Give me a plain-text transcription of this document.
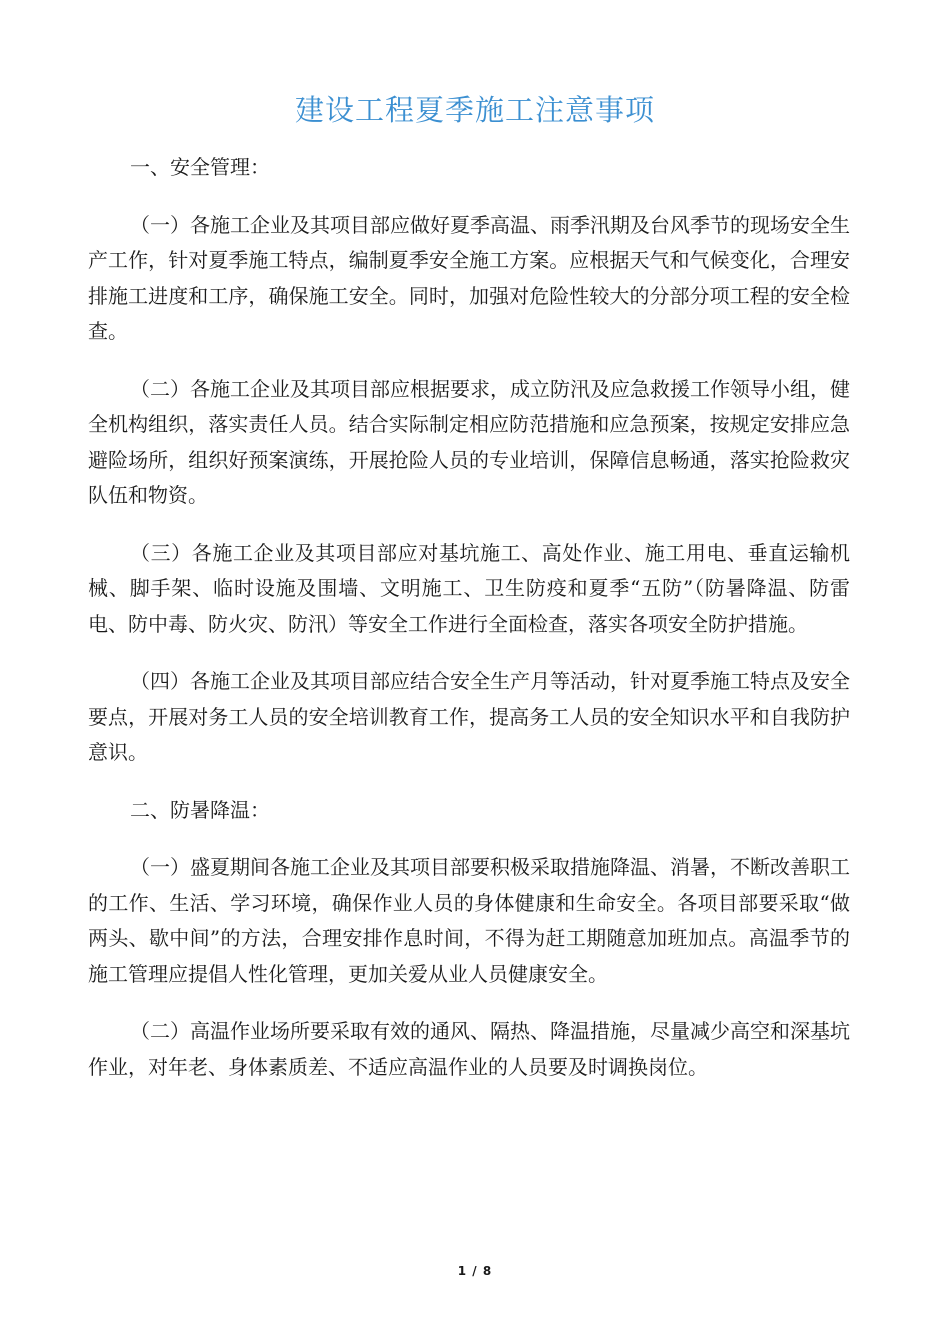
建设工程夏季施工注意事项

一、安全管理：

（一）各施工企业及其项目部应做好夏季高温、雨季汛期及台风季节的现场安全生产工作，针对夏季施工特点，编制夏季安全施工方案。应根据天气和气候变化，合理安排施工进度和工序，确保施工安全。同时，加强对危险性较大的分部分项工程的安全检查。

（二）各施工企业及其项目部应根据要求，成立防汛及应急救援工作领导小组，健全机构组织，落实责任人员。结合实际制定相应防范措施和应急预案，按规定安排应急避险场所，组织好预案演练，开展抢险人员的专业培训，保障信息畅通，落实抢险救灾队伍和物资。

（三）各施工企业及其项目部应对基坑施工、高处作业、施工用电、垂直运输机械、脚手架、临时设施及围墙、文明施工、卫生防疫和夏季“五防”（防暑降温、防雷电、防中毒、防火灾、防汛）等安全工作进行全面检查，落实各项安全防护措施。

（四）各施工企业及其项目部应结合安全生产月等活动，针对夏季施工特点及安全要点，开展对务工人员的安全培训教育工作，提高务工人员的安全知识水平和自我防护意识。

二、防暑降温：

（一）盛夏期间各施工企业及其项目部要积极采取措施降温、消暑，不断改善职工的工作、生活、学习环境，确保作业人员的身体健康和生命安全。各项目部要采取“做两头、歇中间”的方法，合理安排作息时间，不得为赶工期随意加班加点。高温季节的施工管理应提倡人性化管理，更加关爱从业人员健康安全。

（二）高温作业场所要采取有效的通风、隔热、降温措施，尽量减少高空和深基坑作业，对年老、身体素质差、不适应高温作业的人员要及时调换岗位。

1 / 8
